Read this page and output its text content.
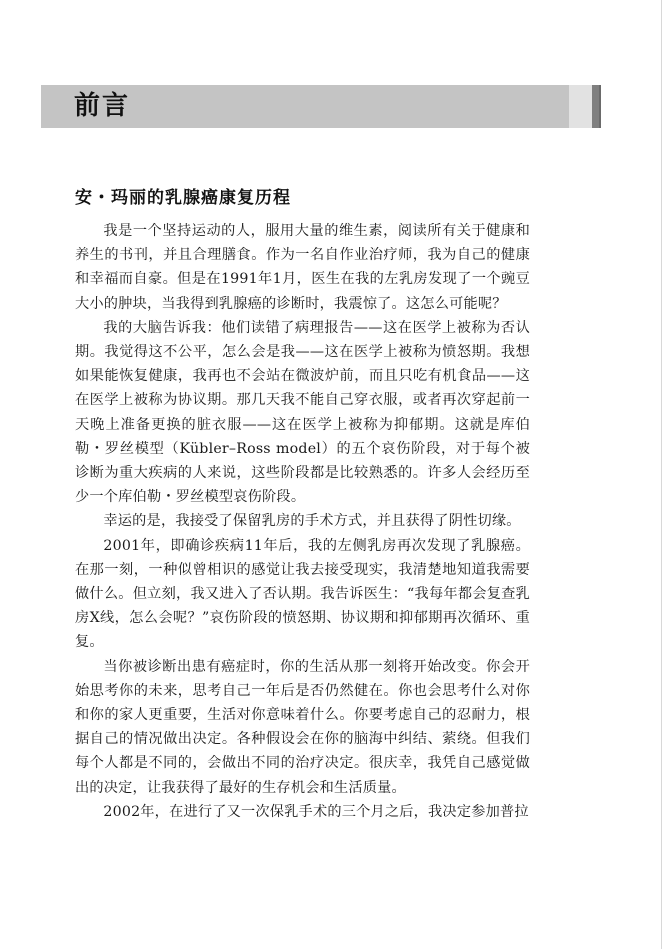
前言
安・玛丽的乳腺癌康复历程

我是一个坚持运动的人，服用大量的维生素，阅读所有关于健康和养生的书刊，并且合理膳食。作为一名自作业治疗师，我为自己的健康和幸福而自豪。但是在1991年1月，医生在我的左乳房发现了一个豌豆大小的肿块，当我得到乳腺癌的诊断时，我震惊了。这怎么可能呢？

我的大脑告诉我：他们读错了病理报告——这在医学上被称为否认期。我觉得这不公平，怎么会是我——这在医学上被称为愤怒期。我想如果能恢复健康，我再也不会站在微波炉前，而且只吃有机食品——这在医学上被称为协议期。那几天我不能自己穿衣服，或者再次穿起前一天晚上准备更换的脏衣服——这在医学上被称为抑郁期。这就是库伯勒・罗丝模型（Kübler–Ross model）的五个哀伤阶段，对于每个被诊断为重大疾病的人来说，这些阶段都是比较熟悉的。许多人会经历至少一个库伯勒・罗丝模型哀伤阶段。

幸运的是，我接受了保留乳房的手术方式，并且获得了阴性切缘。

2001年，即确诊疾病11年后，我的左侧乳房再次发现了乳腺癌。在那一刻，一种似曾相识的感觉让我去接受现实，我清楚地知道我需要做什么。但立刻，我又进入了否认期。我告诉医生：“我每年都会复查乳房X线，怎么会呢？”哀伤阶段的愤怒期、协议期和抑郁期再次循环、重复。

当你被诊断出患有癌症时，你的生活从那一刻将开始改变。你会开始思考你的未来，思考自己一年后是否仍然健在。你也会思考什么对你和你的家人更重要，生活对你意味着什么。你要考虑自己的忍耐力，根据自己的情况做出决定。各种假设会在你的脑海中纠结、萦绕。但我们每个人都是不同的，会做出不同的治疗决定。很庆幸，我凭自己感觉做出的决定，让我获得了最好的生存机会和生活质量。

2002年，在进行了又一次保乳手术的三个月之后，我决定参加普拉
